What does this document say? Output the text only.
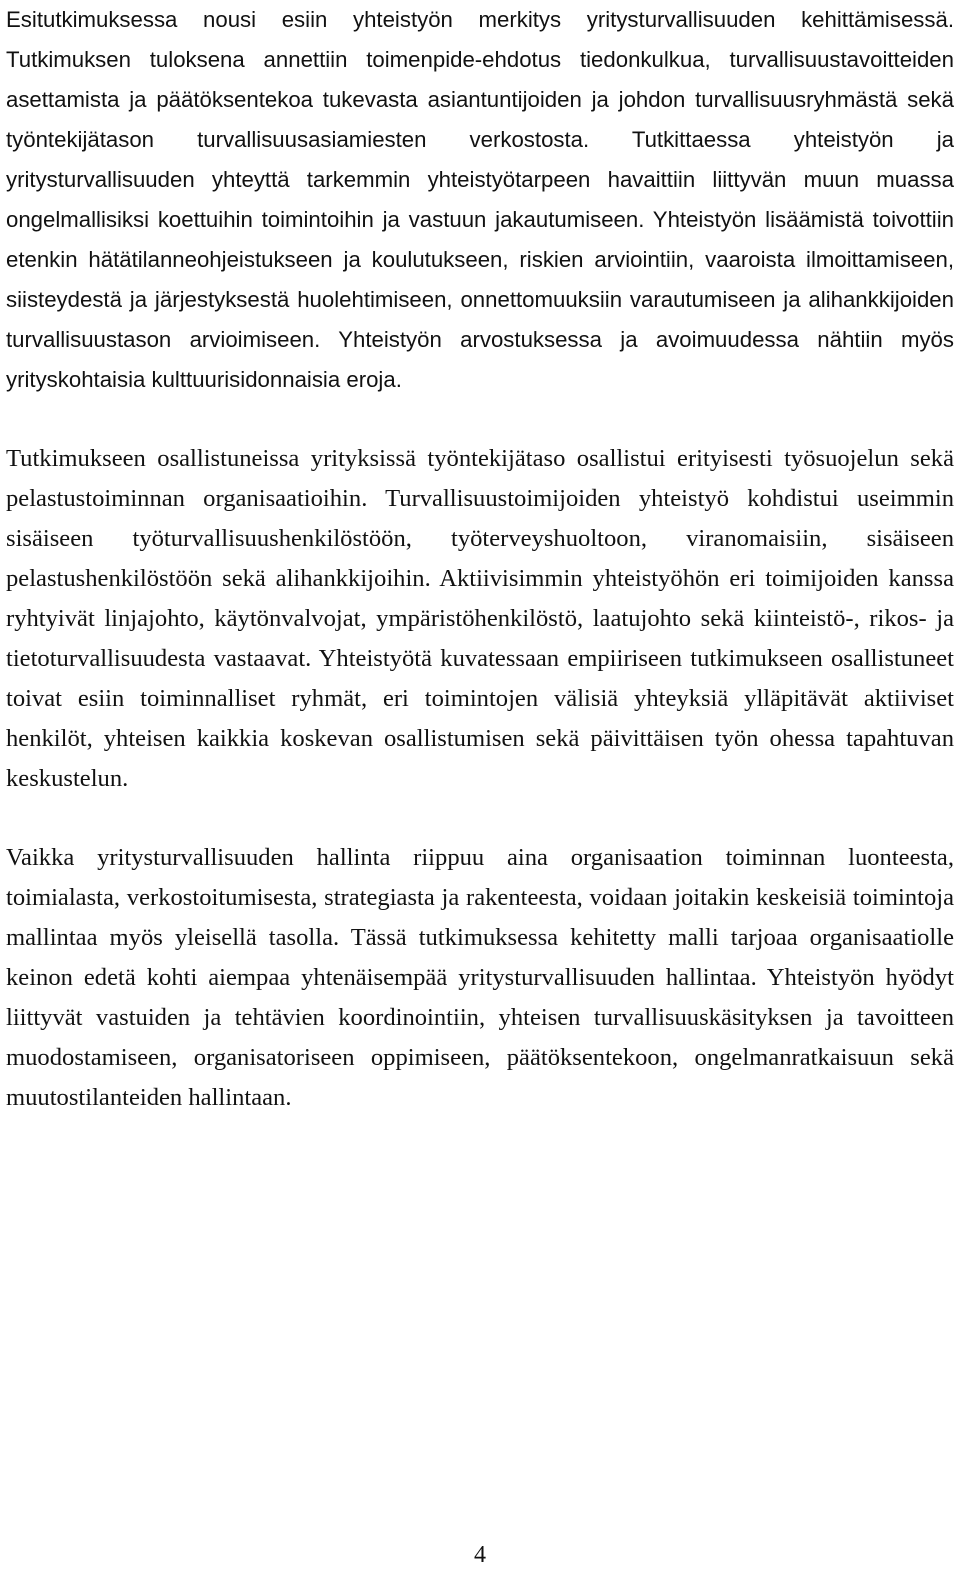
Esitutkimuksessa nousi esiin yhteistyön merkitys yritysturvallisuuden kehittämisessä. Tutkimuksen tuloksena annettiin toimenpide-ehdotus tiedonkulkua, turvallisuustavoitteiden asettamista ja päätöksentekoa tukevasta asiantuntijoiden ja johdon turvallisuusryhmästä sekä työntekijätason turvallisuusasiamiesten verkostosta. Tutkittaessa yhteistyön ja yritysturvallisuuden yhteyttä tarkemmin yhteistyötarpeen havaittiin liittyvän muun muassa ongelmallisiksi koettuihin toimintoihin ja vastuun jakautumiseen. Yhteistyön lisäämistä toivottiin etenkin hätätilanneohjeistukseen ja koulutukseen, riskien arviointiin, vaaroista ilmoittamiseen, siisteydestä ja järjestyksestä huolehtimiseen, onnettomuuksiin varautumiseen ja alihankkijoiden turvallisuustason arvioimiseen. Yhteistyön arvostuksessa ja avoimuudessa nähtiin myös yrityskohtaisia kulttuurisidonnaisia eroja.

Tutkimukseen osallistuneissa yrityksissä työntekijätaso osallistui erityisesti työsuojelun sekä pelastustoiminnan organisaatioihin. Turvallisuustoimijoiden yhteistyö kohdistui useimmin sisäiseen työturvallisuushenkilöstöön, työterveyshuoltoon, viranomaisiin, sisäiseen pelastushenkilöstöön sekä alihankkijoihin. Aktiivisimmin yhteistyöhön eri toimijoiden kanssa ryhtyivät linjajohto, käytönvalvojat, ympäristöhenkilöstö, laatujohto sekä kiinteistö-, rikos- ja tietoturvallisuudesta vastaavat. Yhteistyötä kuvatessaan empiiriseen tutkimukseen osallistuneet toivat esiin toiminnalliset ryhmät, eri toimintojen välisiä yhteyksiä ylläpitävät aktiiviset henkilöt, yhteisen kaikkia koskevan osallistumisen sekä päivittäisen työn ohessa tapahtuvan keskustelun.

Vaikka yritysturvallisuuden hallinta riippuu aina organisaation toiminnan luonteesta, toimialasta, verkostoitumisesta, strategiasta ja rakenteesta, voidaan joitakin keskeisiä toimintoja mallintaa myös yleisellä tasolla. Tässä tutkimuksessa kehitetty malli tarjoaa organisaatiolle keinon edetä kohti aiempaa yhtenäisempää yritysturvallisuuden hallintaa. Yhteistyön hyödyt liittyvät vastuiden ja tehtävien koordinointiin, yhteisen turvallisuuskäsityksen ja tavoitteen muodostamiseen, organisatoriseen oppimiseen, päätöksentekoon, ongelmanratkaisuun sekä muutostilanteiden hallintaan.

4
